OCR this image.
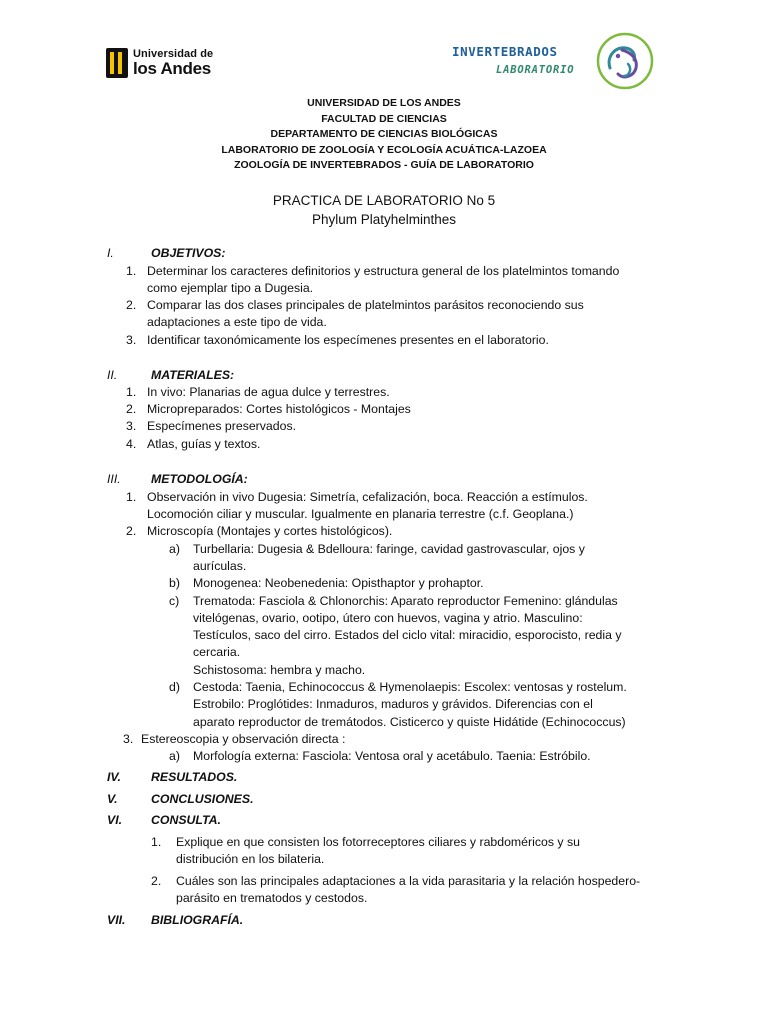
Universidad de
los Andes
INVERTEBRADOS
LABORATORIO
UNIVERSIDAD DE LOS ANDES
FACULTAD DE CIENCIAS
DEPARTAMENTO DE CIENCIAS BIOLÓGICAS
LABORATORIO DE ZOOLOGÍA Y ECOLOGÍA ACUÁTICA-LAZOEA
ZOOLOGÍA DE INVERTEBRADOS - GUÍA DE LABORATORIO
PRACTICA DE LABORATORIO No 5
Phylum Platyhelminthes
I.	OBJETIVOS:
1. Determinar los caracteres definitorios y estructura general de los platelmintos tomando
como ejemplar tipo a Dugesia.
2. Comparar las dos clases principales de platelmintos parásitos reconociendo sus
adaptaciones a este tipo de vida.
3. Identificar taxonómicamente los especímenes presentes en el laboratorio.
II.	MATERIALES:
1. In vivo: Planarias de agua dulce y terrestres.
2. Micropreparados: Cortes histológicos - Montajes
3. Especímenes preservados.
4. Atlas, guías y textos.
III. METODOLOGÍA:
1. Observación in vivo Dugesia: Simetría, cefalización, boca. Reacción a estímulos.
Locomoción ciliar y muscular. Igualmente en planaria terrestre (c.f. Geoplana.)
2. Microscopía (Montajes y cortes histológicos).
a) Turbellaria: Dugesia & Bdelloura: faringe, cavidad gastrovascular, ojos y
aurículas.
b) Monogenea: Neobenedenia: Opisthaptor y prohaptor.
c) Trematoda: Fasciola & Chlonorchis: Aparato reproductor Femenino: glándulas
vitelógenas, ovario, ootipo, útero con huevos, vagina y atrio. Masculino:
Testículos, saco del cirro. Estados del ciclo vital: miracidio, esporocisto, redia y
cercaria.
Schistosoma: hembra y macho.
d) Cestoda: Taenia, Echinococcus & Hymenolaepis: Escolex: ventosas y rostelum.
Estrobilo: Proglótides: Inmaduros, maduros y grávidos. Diferencias con el
aparato reproductor de tremátodos. Cisticerco y quiste Hidátide (Echinococcus)
3. Estereoscopia y observación directa :
a) Morfología externa: Fasciola: Ventosa oral y acetábulo. Taenia: Estróbilo.
IV. RESULTADOS.
V.	CONCLUSIONES.
VI. CONSULTA.
1. Explique en que consisten los fotorreceptores ciliares y rabdoméricos y su
distribución en los bilateria.
2. Cuáles son las principales adaptaciones a la vida parasitaria y la relación hospedero-
parásito en trematodos y cestodos.
VII. BIBLIOGRAFÍA.
